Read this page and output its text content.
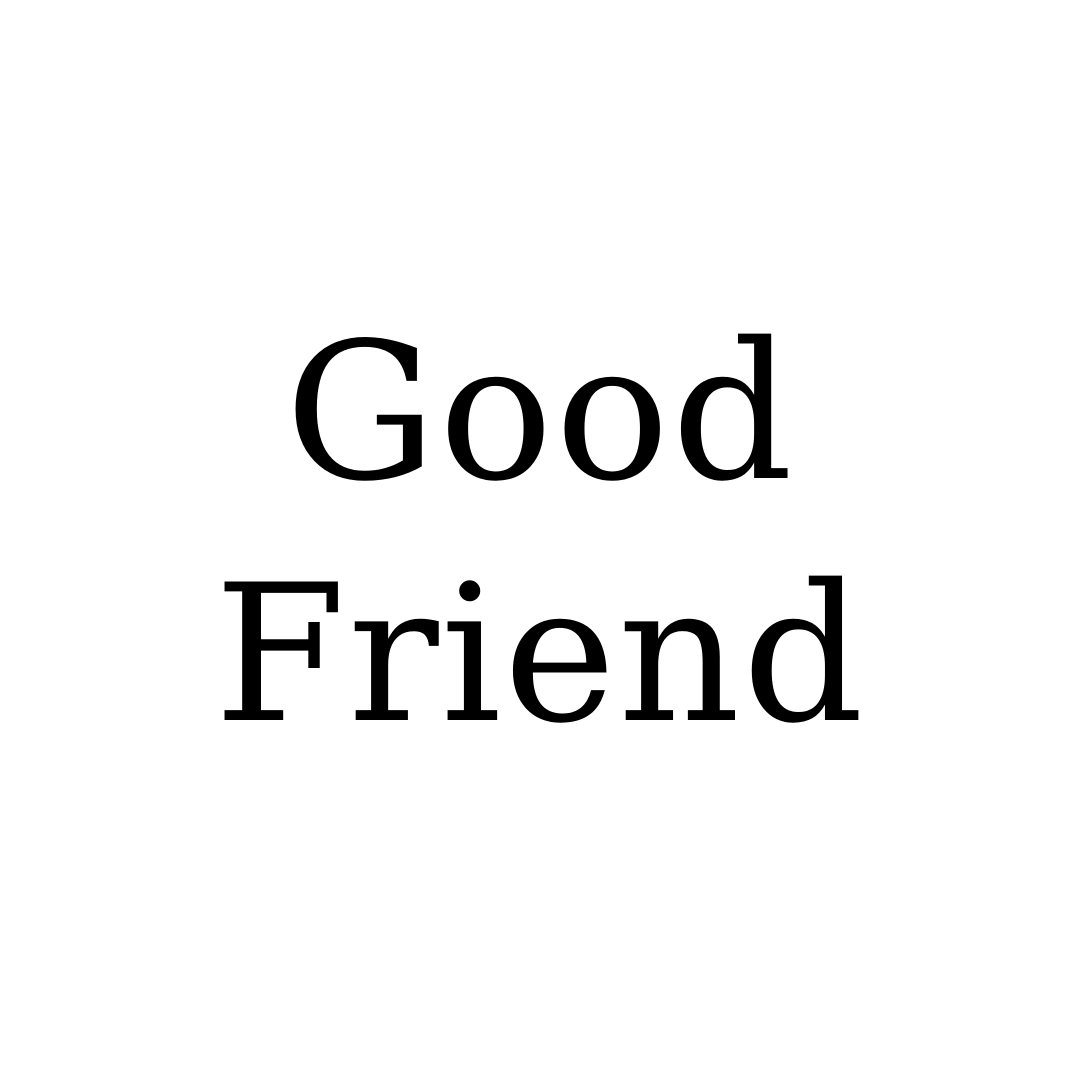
Good
Friend
